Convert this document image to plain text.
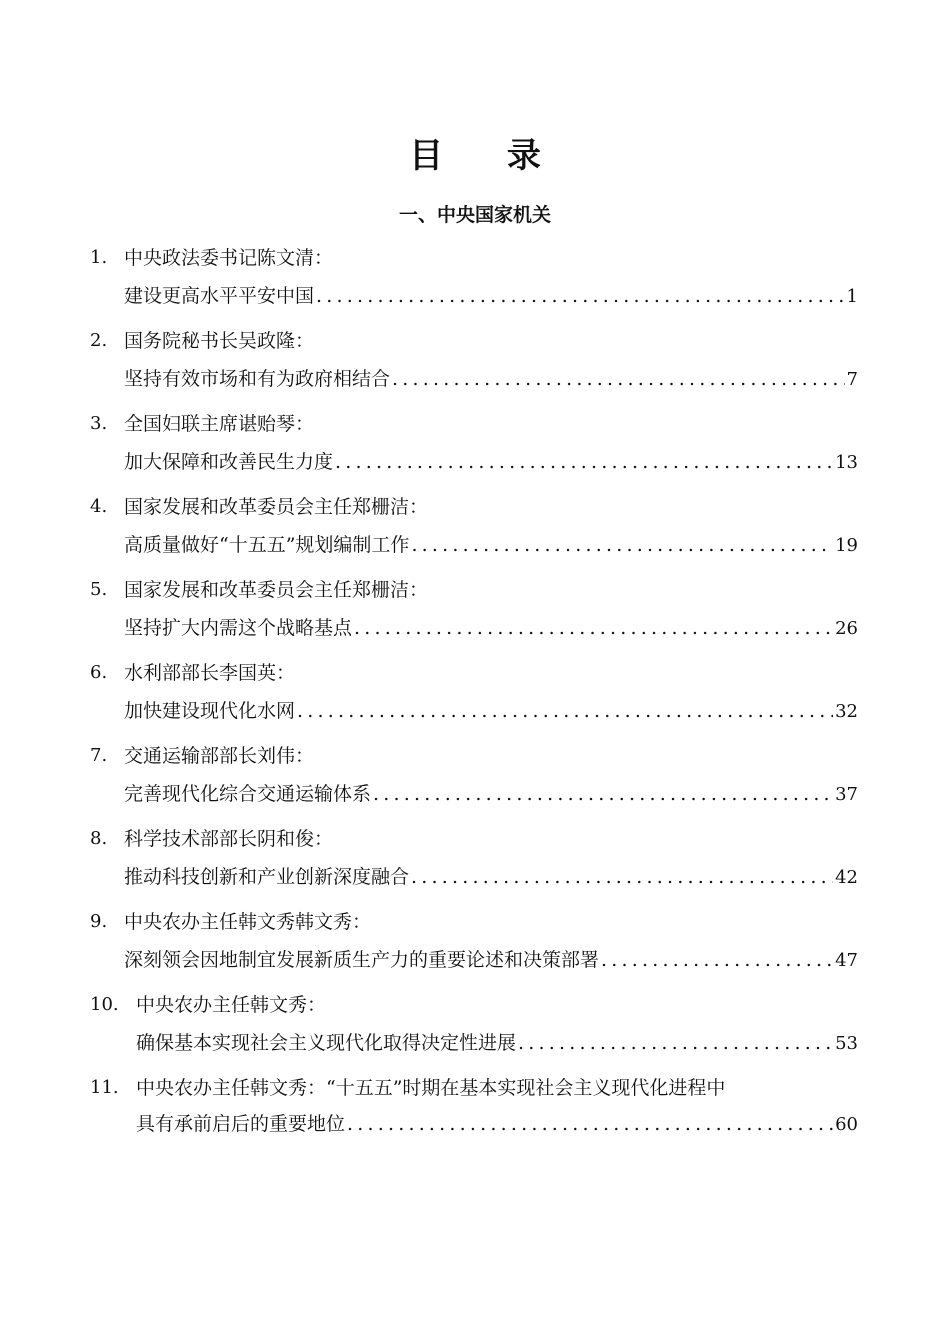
目 录
一、中央国家机关
1. 中央政法委书记陈文清：
建设更高水平平安中国 .....	1
2. 国务院秘书长吴政隆：
坚持有效市场和有为政府相结合 .....	7
3. 全国妇联主席谌贻琴：
加大保障和改善民生力度 .....	13
4. 国家发展和改革委员会主任郑栅洁：
高质量做好“十五五”规划编制工作 .....	19
5. 国家发展和改革委员会主任郑栅洁：
坚持扩大内需这个战略基点 .....	26
6. 水利部部长李国英：
加快建设现代化水网 .....	32
7. 交通运输部部长刘伟：
完善现代化综合交通运输体系 .....	37
8. 科学技术部部长阴和俊：
推动科技创新和产业创新深度融合 .....	42
9. 中央农办主任韩文秀韩文秀：
深刻领会因地制宜发展新质生产力的重要论述和决策部署 .....	47
10. 中央农办主任韩文秀：
确保基本实现社会主义现代化取得决定性进展 .....	53
11. 中央农办主任韩文秀：“十五五”时期在基本实现社会主义现代化进程中
具有承前启后的重要地位 .....	60
